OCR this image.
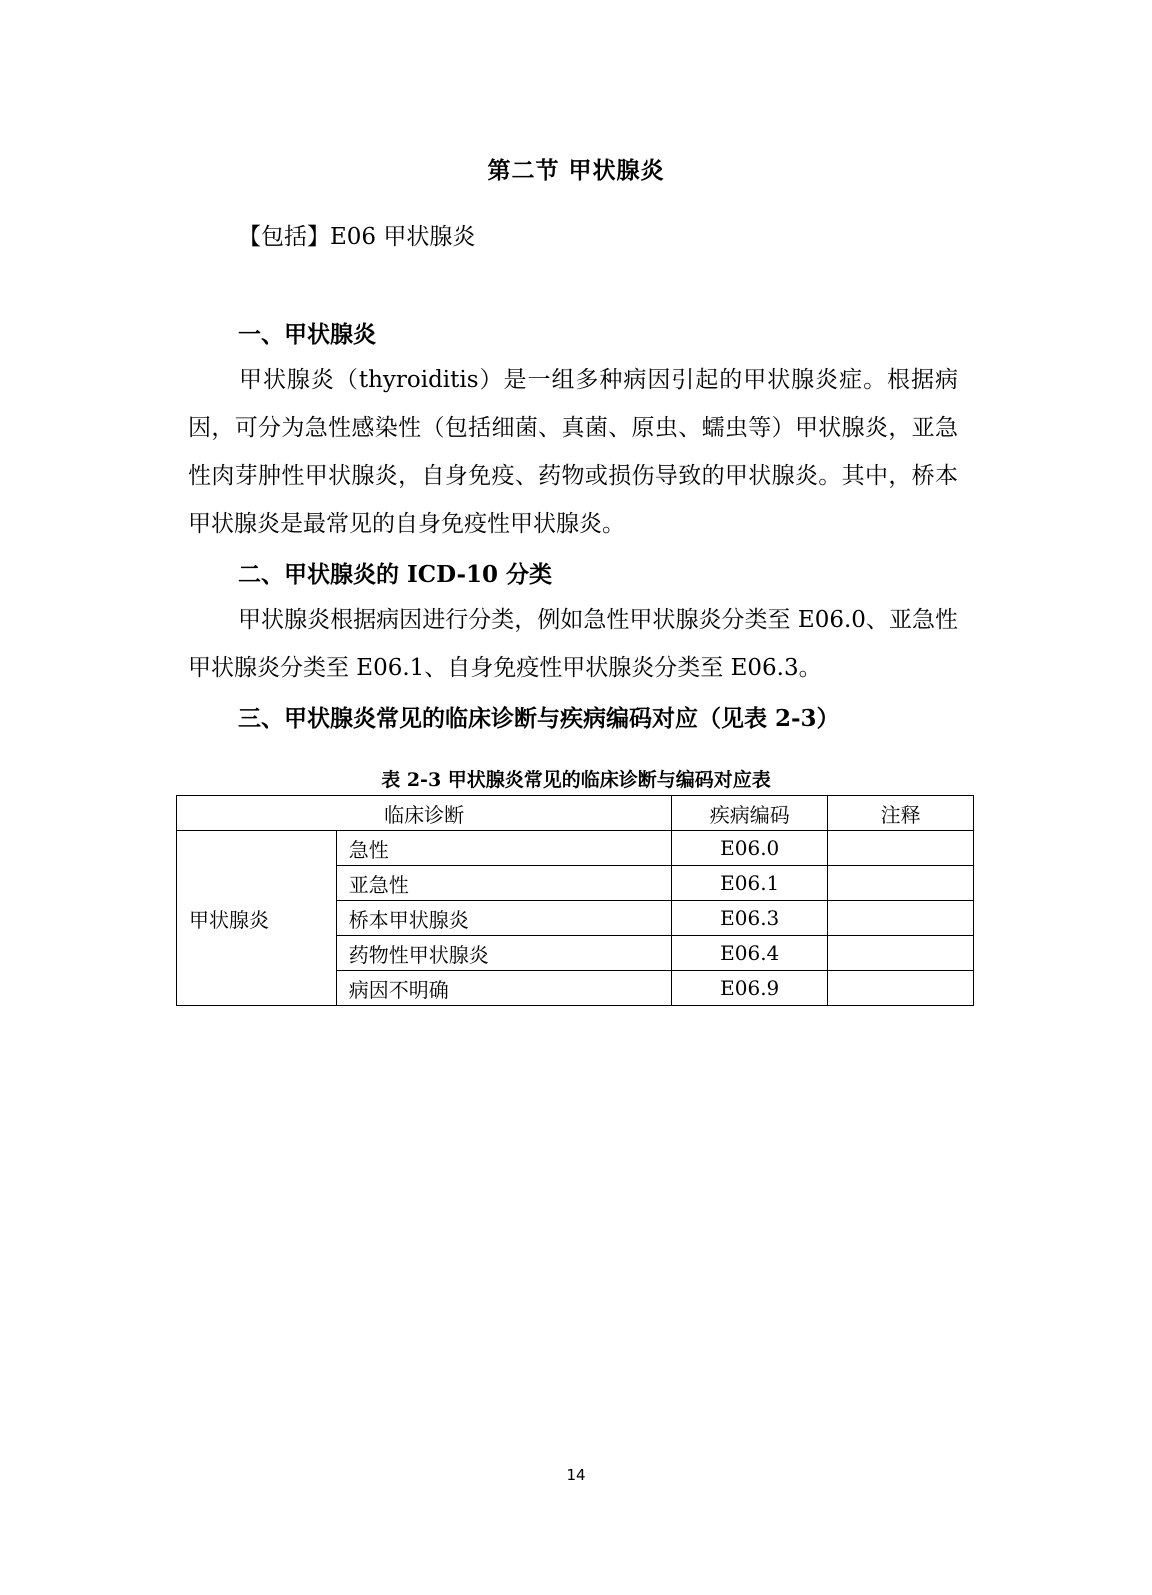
第二节 甲状腺炎
【包括】E06 甲状腺炎
一、甲状腺炎

甲状腺炎（thyroiditis）是一组多种病因引起的甲状腺炎症。根据病因，可分为急性感染性（包括细菌、真菌、原虫、蠕虫等）甲状腺炎，亚急性肉芽肿性甲状腺炎，自身免疫、药物或损伤导致的甲状腺炎。其中，桥本甲状腺炎是最常见的自身免疫性甲状腺炎。

二、甲状腺炎的 ICD-10 分类

甲状腺炎根据病因进行分类，例如急性甲状腺炎分类至 E06.0、亚急性甲状腺炎分类至 E06.1、自身免疫性甲状腺炎分类至 E06.3。

三、甲状腺炎常见的临床诊断与疾病编码对应（见表 2-3）
表 2-3 甲状腺炎常见的临床诊断与编码对应表
临床诊断		疾病编码	注释
甲状腺炎	急性	E06.0	
	亚急性	E06.1	
	桥本甲状腺炎	E06.3	
	药物性甲状腺炎	E06.4	
	病因不明确	E06.9	
14
